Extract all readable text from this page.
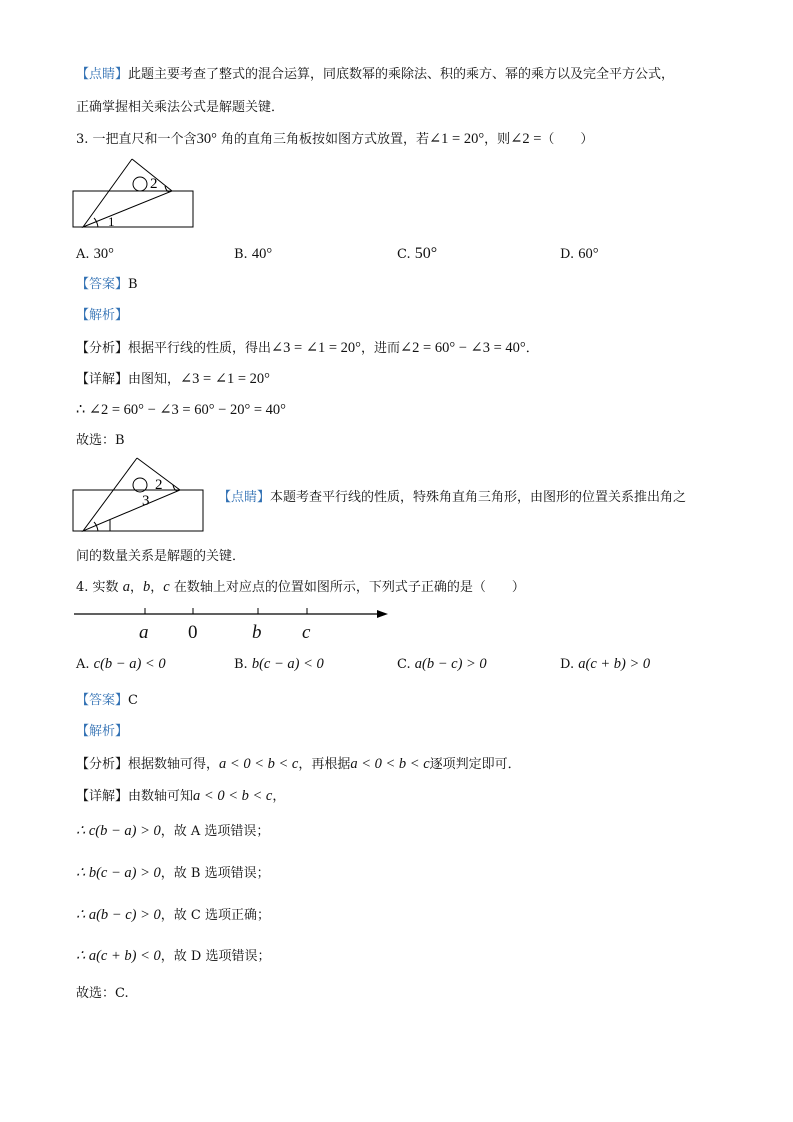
【点睛】此题主要考查了整式的混合运算，同底数幂的乘除法、积的乘方、幂的乘方以及完全平方公式，
正确掌握相关乘法公式是解题关键．
3. 一把直尺和一个含30° 角的直角三角板按如图方式放置，若∠1 = 20°，则∠2 =（　　）
2
1
A. 30°	B. 40°	C. 50°	D. 60°
【答案】B
【解析】
【分析】根据平行线的性质，得出∠3 = ∠1 = 20°，进而∠2 = 60° − ∠3 = 40°．
【详解】由图知，∠3 = ∠1 = 20°
∴ ∠2 = 60° − ∠3 = 60° − 20° = 40°
故选：B
2
3	【点睛】本题考查平行线的性质，特殊角直角三角形，由图形的位置关系推出角之
间的数量关系是解题的关键．
4. 实数 a，b，c 在数轴上对应点的位置如图所示，下列式子正确的是（　　）
a 0	b c
A. c(b − a) < 0	B. b(c − a) < 0	C. a(b − c) > 0	D. a(c + b) > 0
【答案】C
【解析】
【分析】根据数轴可得，a < 0 < b < c，再根据a < 0 < b < c逐项判定即可．
【详解】由数轴可知a < 0 < b < c，
∴ c(b − a) > 0，故 A 选项错误；
∴ b(c − a) > 0，故 B 选项错误；
∴ a(b − c) > 0，故 C 选项正确；
∴ a(c + b) < 0，故 D 选项错误；
故选：C.
